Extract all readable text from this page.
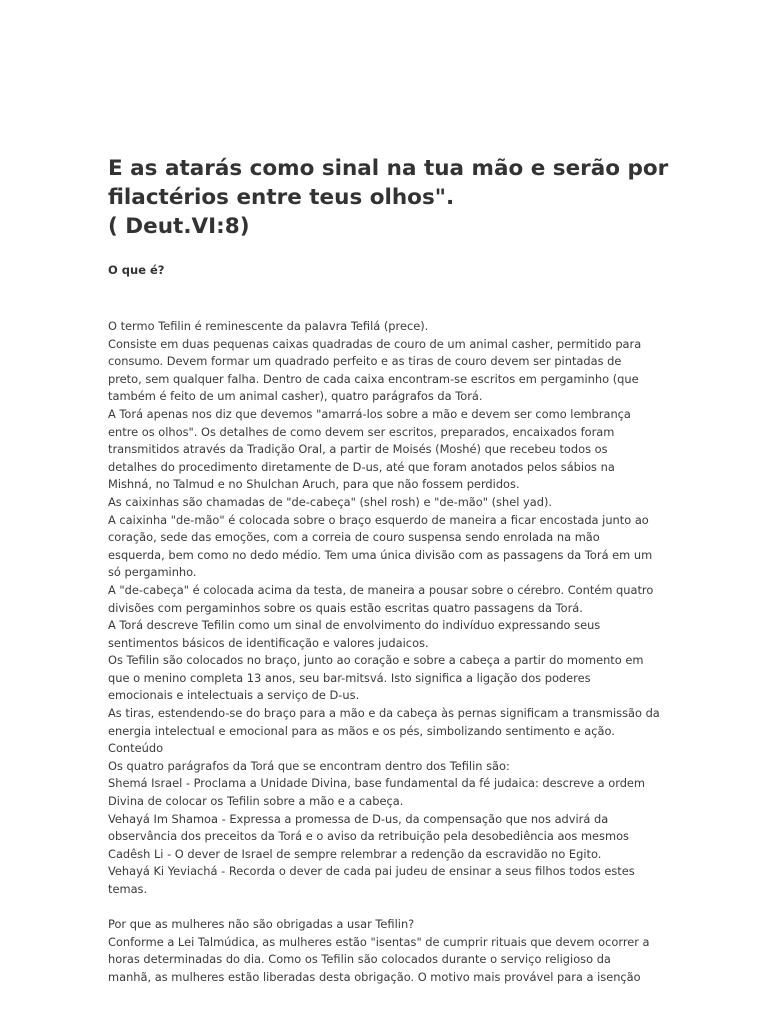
E as atarás como sinal na tua mão e serão por
filactérios entre teus olhos".
( Deut.VI:8)

O que é?

O termo Tefilin é reminescente da palavra Tefilá (prece).
Consiste em duas pequenas caixas quadradas de couro de um animal casher, permitido para
consumo. Devem formar um quadrado perfeito e as tiras de couro devem ser pintadas de
preto, sem qualquer falha. Dentro de cada caixa encontram-se escritos em pergaminho (que
também é feito de um animal casher), quatro parágrafos da Torá.
A Torá apenas nos diz que devemos "amarrá-los sobre a mão e devem ser como lembrança
entre os olhos". Os detalhes de como devem ser escritos, preparados, encaixados foram
transmitidos através da Tradição Oral, a partir de Moisés (Moshé) que recebeu todos os
detalhes do procedimento diretamente de D-us, até que foram anotados pelos sábios na
Mishná, no Talmud e no Shulchan Aruch, para que não fossem perdidos.
As caixinhas são chamadas de "de-cabeça" (shel rosh) e "de-mão" (shel yad).
A caixinha "de-mão" é colocada sobre o braço esquerdo de maneira a ficar encostada junto ao
coração, sede das emoções, com a correia de couro suspensa sendo enrolada na mão
esquerda, bem como no dedo médio. Tem uma única divisão com as passagens da Torá em um
só pergaminho.
A "de-cabeça" é colocada acima da testa, de maneira a pousar sobre o cérebro. Contém quatro
divisões com pergaminhos sobre os quais estão escritas quatro passagens da Torá.
A Torá descreve Tefilin como um sinal de envolvimento do indivíduo expressando seus
sentimentos básicos de identificação e valores judaicos.
Os Tefilin são colocados no braço, junto ao coração e sobre a cabeça a partir do momento em
que o menino completa 13 anos, seu bar-mitsvá. Isto significa a ligação dos poderes
emocionais e intelectuais a serviço de D-us.
As tiras, estendendo-se do braço para a mão e da cabeça às pernas significam a transmissão da
energia intelectual e emocional para as mãos e os pés, simbolizando sentimento e ação.
Conteúdo
Os quatro parágrafos da Torá que se encontram dentro dos Tefilin são:
Shemá Israel - Proclama a Unidade Divina, base fundamental da fé judaica: descreve a ordem
Divina de colocar os Tefilin sobre a mão e a cabeça.
Vehayá Im Shamoa - Expressa a promessa de D-us, da compensação que nos advirá da
observância dos preceitos da Torá e o aviso da retribuição pela desobediência aos mesmos
Cadêsh Li - O dever de Israel de sempre relembrar a redenção da escravidão no Egito.
Vehayá Ki Yeviachá - Recorda o dever de cada pai judeu de ensinar a seus filhos todos estes
temas.
Por que as mulheres não são obrigadas a usar Tefilin?
Conforme a Lei Talmúdica, as mulheres estão "isentas" de cumprir rituais que devem ocorrer a
horas determinadas do dia. Como os Tefilin são colocados durante o serviço religioso da
manhã, as mulheres estão liberadas desta obrigação. O motivo mais provável para a isenção
